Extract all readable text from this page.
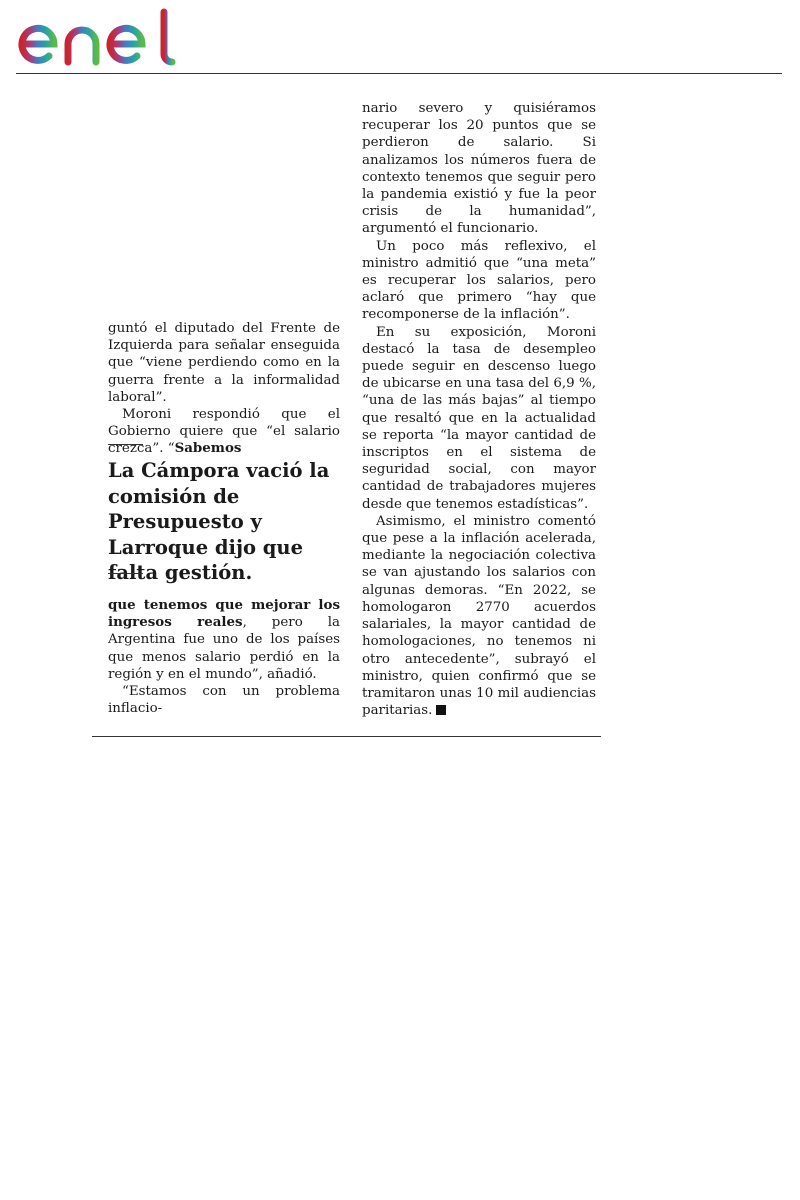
guntó el diputado del Frente de Izquierda para señalar enseguida que “viene perdiendo como en la guerra frente a la informalidad laboral”.

Moroni respondió que el Gobierno quiere que “el salario crezca”. “Sabemos

La Cámpora vació la comisión de Presupuesto y Larroque dijo que falta gestión.

que tenemos que mejorar los ingresos reales, pero la Argentina fue uno de los países que menos salario perdió en la región y en el mundo”, añadió.

“Estamos con un problema inflacio-

nario severo y quisiéramos recuperar los 20 puntos que se perdieron de salario. Si analizamos los números fuera de contexto tenemos que seguir pero la pandemia existió y fue la peor crisis de la humanidad”, argumentó el funcionario.

Un poco más reflexivo, el ministro admitió que “una meta” es recuperar los salarios, pero aclaró que primero “hay que recomponerse de la inflación”.

En su exposición, Moroni destacó la tasa de desempleo puede seguir en descenso luego de ubicarse en una tasa del 6,9 %, “una de las más bajas” al tiempo que resaltó que en la actualidad se reporta “la mayor cantidad de inscriptos en el sistema de seguridad social, con mayor cantidad de trabajadores mujeres desde que tenemos estadísticas”.

Asimismo, el ministro comentó que pese a la inflación acelerada, mediante la negociación colectiva se van ajustando los salarios con algunas demoras. “En 2022, se homologaron 2770 acuerdos salariales, la mayor cantidad de homologaciones, no tenemos ni otro antecedente”, subrayó el ministro, quien confirmó que se tramitaron unas 10 mil audiencias paritarias.
